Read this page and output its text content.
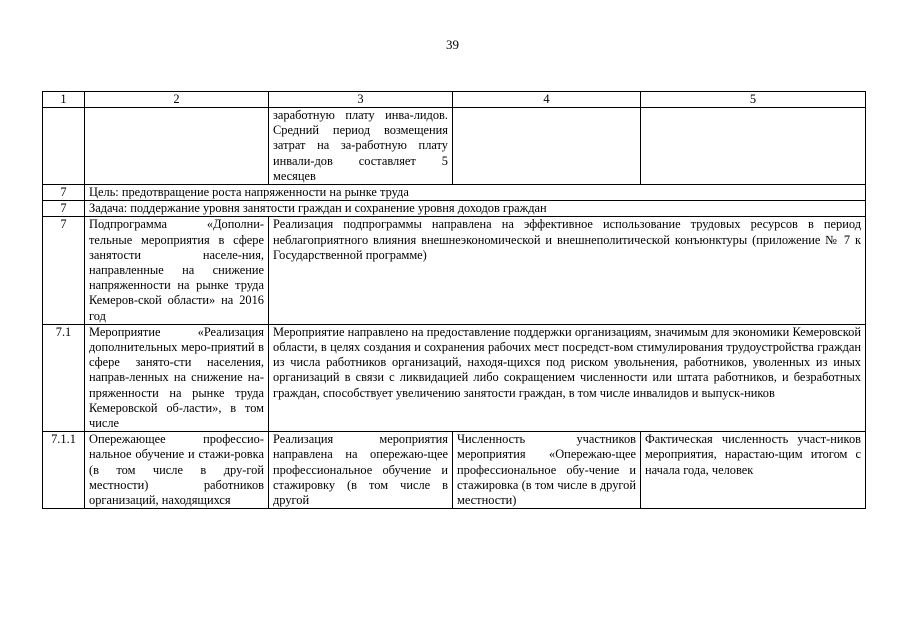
39
1	2	3	4	5
		заработную плату инва-лидов. Средний период возмещения затрат на за-работную плату инвали-дов составляет 5 месяцев		
7	Цель: предотвращение роста напряженности на рынке труда			
7	Задача: поддержание уровня занятости граждан и сохранение уровня доходов граждан			
7	Подпрограмма «Дополни-тельные мероприятия в сфере занятости населе-ния, направленные на снижение напряженности на рынке труда Кемеров-ской области» на 2016 год	Реализация подпрограммы направлена на эффективное использование трудовых ресурсов в период неблагоприятного влияния внешнеэкономической и внешнеполитической конъюнктуры (приложение № 7 к Государственной программе)		
7.1	Мероприятие «Реализация дополнительных меро-приятий в сфере занято-сти населения, направ-ленных на снижение на-пряженности на рынке труда Кемеровской об-ласти», в том числе	Мероприятие направлено на предоставление поддержки организациям, значимым для экономики Кемеровской области, в целях создания и сохранения рабочих мест посредст-вом стимулирования трудоустройства граждан из числа работников организаций, находя-щихся под риском увольнения, работников, уволенных из иных организаций в связи с ликвидацией либо сокращением численности или штата работников, и безработных граждан, способствует увеличению занятости граждан, в том числе инвалидов и выпуск-ников		
7.1.1	Опережающее профессио-нальное обучение и стажи-ровка (в том числе в дру-гой местности) работников организаций, находящихся	Реализация мероприятия направлена на опережаю-щее профессиональное обучение и стажировку (в том числе в другой	Численность участников мероприятия «Опережаю-щее профессиональное обу-чение и стажировка (в том числе в другой местности)	Фактическая численность участ-ников мероприятия, нарастаю-щим итогом с начала года, человек
